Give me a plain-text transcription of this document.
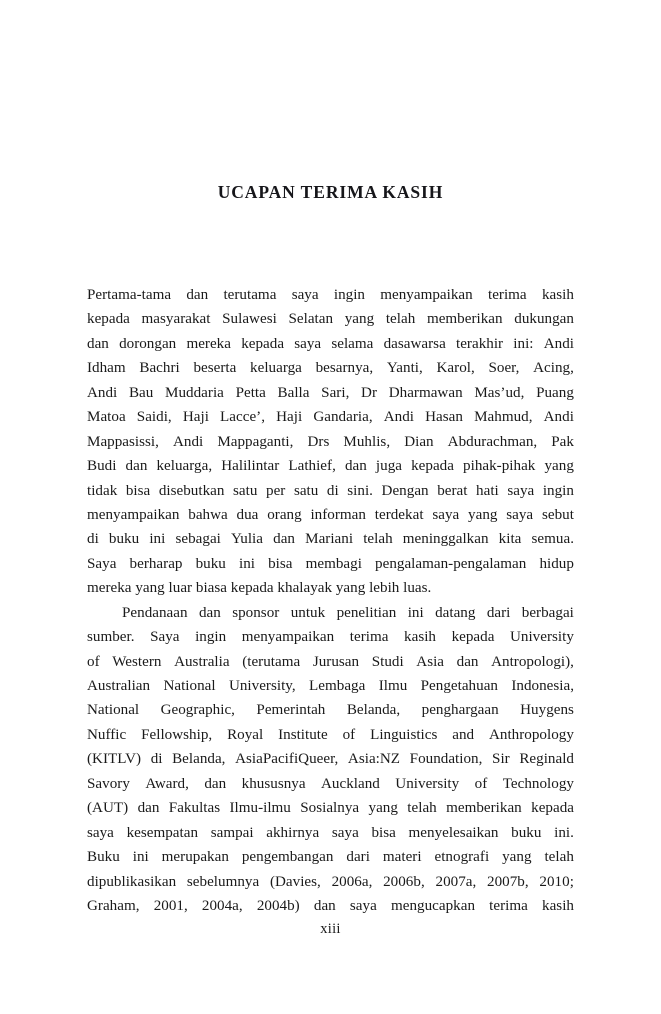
UCAPAN TERIMA KASIH
Pertama-tama dan terutama saya ingin menyampaikan terima kasih
kepada masyarakat Sulawesi Selatan yang telah memberikan dukungan
dan dorongan mereka kepada saya selama dasawarsa terakhir ini: Andi
Idham Bachri beserta keluarga besarnya, Yanti, Karol, Soer, Acing,
Andi Bau Muddaria Petta Balla Sari, Dr Dharmawan Mas’ud, Puang
Matoa Saidi, Haji Lacce’, Haji Gandaria, Andi Hasan Mahmud, Andi
Mappasissi, Andi Mappaganti, Drs Muhlis, Dian Abdurachman, Pak
Budi dan keluarga, Halilintar Lathief, dan juga kepada pihak-pihak yang
tidak bisa disebutkan satu per satu di sini. Dengan berat hati saya ingin
menyampaikan bahwa dua orang informan terdekat saya yang saya sebut
di buku ini sebagai Yulia dan Mariani telah meninggalkan kita semua.
Saya berharap buku ini bisa membagi pengalaman-pengalaman hidup
mereka yang luar biasa kepada khalayak yang lebih luas.
Pendanaan dan sponsor untuk penelitian ini datang dari berbagai
sumber. Saya ingin menyampaikan terima kasih kepada University
of Western Australia (terutama Jurusan Studi Asia dan Antropologi),
Australian National University, Lembaga Ilmu Pengetahuan Indonesia,
National Geographic, Pemerintah Belanda, penghargaan Huygens
Nuffic Fellowship, Royal Institute of Linguistics and Anthropology
(KITLV) di Belanda, AsiaPacifiQueer, Asia:NZ Foundation, Sir Reginald
Savory Award, dan khususnya Auckland University of Technology
(AUT) dan Fakultas Ilmu-ilmu Sosialnya yang telah memberikan kepada
saya kesempatan sampai akhirnya saya bisa menyelesaikan buku ini.
Buku ini merupakan pengembangan dari materi etnografi yang telah
dipublikasikan sebelumnya (Davies, 2006a, 2006b, 2007a, 2007b, 2010;
Graham, 2001, 2004a, 2004b) dan saya mengucapkan terima kasih
xiii
